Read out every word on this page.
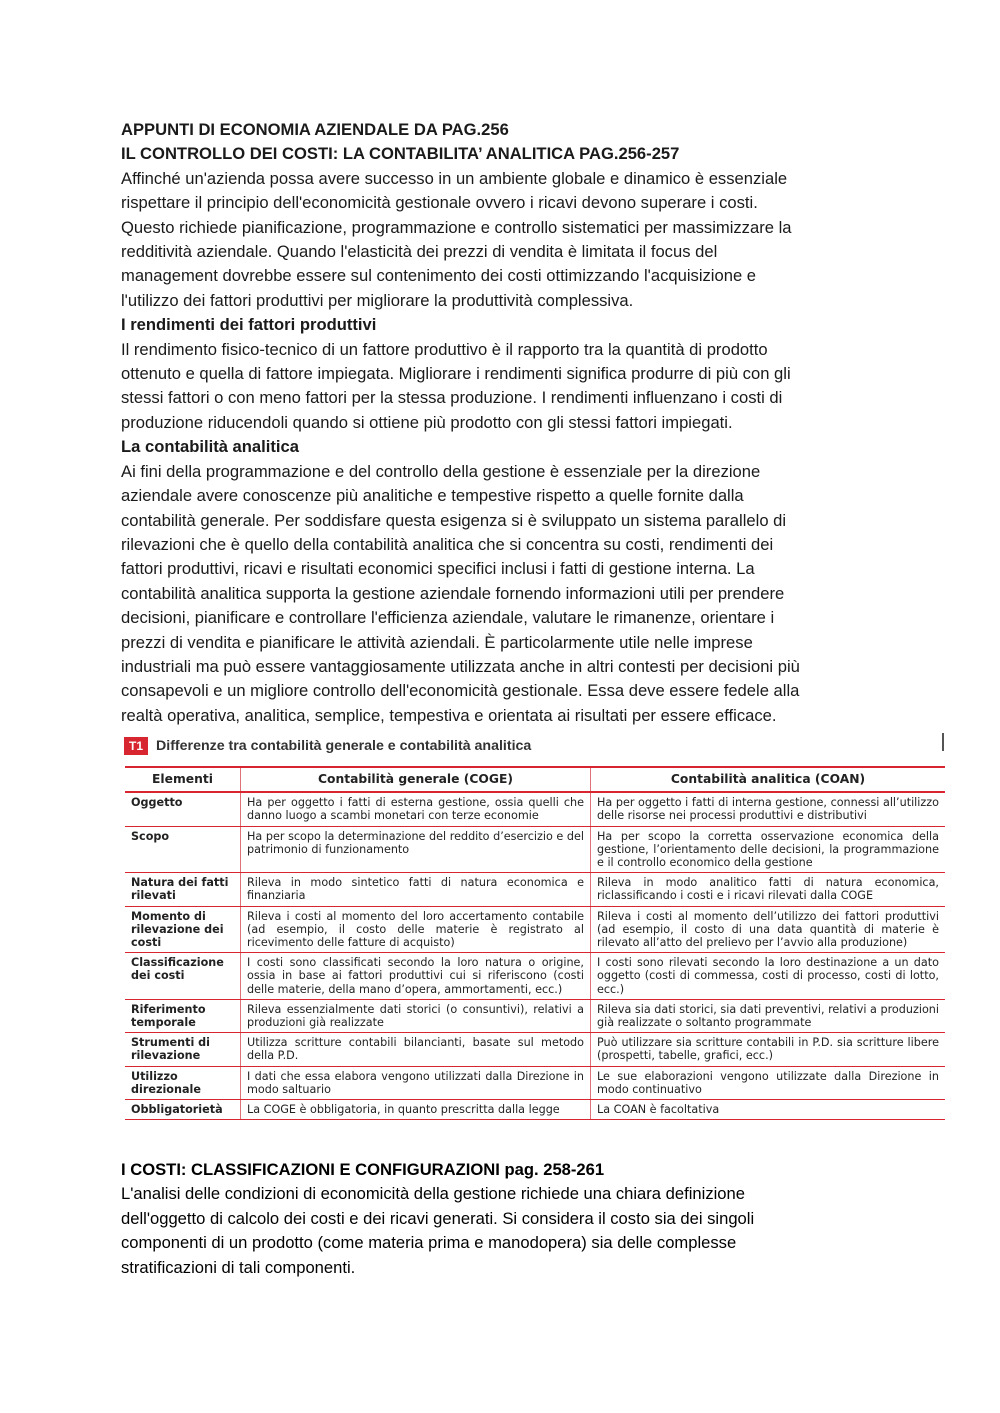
APPUNTI DI ECONOMIA AZIENDALE DA PAG.256
IL CONTROLLO DEI COSTI: LA CONTABILITA’ ANALITICA PAG.256-257
Affinché un'azienda possa avere successo in un ambiente globale e dinamico è essenziale
rispettare il principio dell'economicità gestionale ovvero i ricavi devono superare i costi.
Questo richiede pianificazione, programmazione e controllo sistematici per massimizzare la
redditività aziendale. Quando l'elasticità dei prezzi di vendita è limitata il focus del
management dovrebbe essere sul contenimento dei costi ottimizzando l'acquisizione e
l'utilizzo dei fattori produttivi per migliorare la produttività complessiva.
I rendimenti dei fattori produttivi
Il rendimento fisico-tecnico di un fattore produttivo è il rapporto tra la quantità di prodotto
ottenuto e quella di fattore impiegata. Migliorare i rendimenti significa produrre di più con gli
stessi fattori o con meno fattori per la stessa produzione. I rendimenti influenzano i costi di
produzione riducendoli quando si ottiene più prodotto con gli stessi fattori impiegati.
La contabilità analitica
Ai fini della programmazione e del controllo della gestione è essenziale per la direzione
aziendale avere conoscenze più analitiche e tempestive rispetto a quelle fornite dalla
contabilità generale. Per soddisfare questa esigenza si è sviluppato un sistema parallelo di
rilevazioni che è quello della contabilità analitica che si concentra su costi, rendimenti dei
fattori produttivi, ricavi e risultati economici specifici inclusi i fatti di gestione interna. La
contabilità analitica supporta la gestione aziendale fornendo informazioni utili per prendere
decisioni, pianificare e controllare l'efficienza aziendale, valutare le rimanenze, orientare i
prezzi di vendita e pianificare le attività aziendali. È particolarmente utile nelle imprese
industriali ma può essere vantaggiosamente utilizzata anche in altri contesti per decisioni più
consapevoli e un migliore controllo dell'economicità gestionale. Essa deve essere fedele alla
realtà operativa, analitica, semplice, tempestiva e orientata ai risultati per essere efficace.
T1 Differenze tra contabilità generale e contabilità analitica
Elementi	Contabilità generale (COGE)	Contabilità analitica (COAN)
Oggetto	Ha per oggetto i fatti di esterna gestione, ossia quelli che danno luogo a scambi monetari con terze economie	Ha per oggetto i fatti di interna gestione, connessi all’utilizzo delle risorse nei processi produttivi e distributivi
Scopo	Ha per scopo la determinazione del reddito d’esercizio e del patrimonio di funzionamento	Ha per scopo la corretta osservazione economica della gestione, l’orientamento delle decisioni, la programmazione e il controllo economico della gestione
Natura dei fatti rilevati	Rileva in modo sintetico fatti di natura economica e finanziaria	Rileva in modo analitico fatti di natura economica, riclassificando i costi e i ricavi rilevati dalla COGE
Momento di rilevazione dei costi	Rileva i costi al momento del loro accertamento contabile (ad esempio, il costo delle materie è registrato al ricevimento delle fatture di acquisto)	Rileva i costi al momento dell’utilizzo dei fattori produttivi (ad esempio, il costo di una data quantità di materie è rilevato all’atto del prelievo per l’avvio alla produzione)
Classificazione dei costi	I costi sono classificati secondo la loro natura o origine, ossia in base ai fattori produttivi cui si riferiscono (costi delle materie, della mano d’opera, ammortamenti, ecc.)	I costi sono rilevati secondo la loro destinazione a un dato oggetto (costi di commessa, costi di processo, costi di lotto, ecc.)
Riferimento temporale	Rileva essenzialmente dati storici (o consuntivi), relativi a produzioni già realizzate	Rileva sia dati storici, sia dati preventivi, relativi a produzioni già realizzate o soltanto programmate
Strumenti di rilevazione	Utilizza scritture contabili bilancianti, basate sul metodo della P.D.	Può utilizzare sia scritture contabili in P.D. sia scritture libere (prospetti, tabelle, grafici, ecc.)
Utilizzo direzionale	I dati che essa elabora vengono utilizzati dalla Direzione in modo saltuario	Le sue elaborazioni vengono utilizzate dalla Direzione in modo continuativo
Obbligatorietà	La COGE è obbligatoria, in quanto prescritta dalla legge	La COAN è facoltativa
I COSTI: CLASSIFICAZIONI E CONFIGURAZIONI pag. 258-261
L'analisi delle condizioni di economicità della gestione richiede una chiara definizione
dell'oggetto di calcolo dei costi e dei ricavi generati. Si considera il costo sia dei singoli
componenti di un prodotto (come materia prima e manodopera) sia delle complesse
stratificazioni di tali componenti.
